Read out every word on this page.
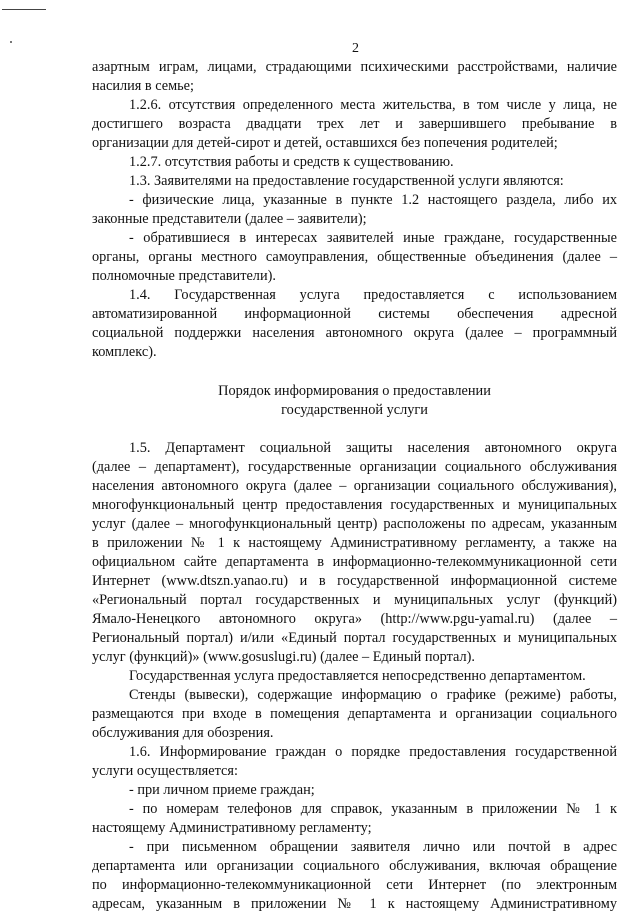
2

азартным играм, лицами, страдающими психическими расстройствами, наличие

насилия в семье;

1.2.6. отсутствия определенного места жительства, в том числе у лица, не

достигшего возраста двадцати трех лет и завершившего пребывание в

организации для детей-сирот и детей, оставшихся без попечения родителей;

1.2.7. отсутствия работы и средств к существованию.

1.3. Заявителями на предоставление государственной услуги являются:

- физические лица, указанные в пункте 1.2 настоящего раздела, либо их

законные представители (далее – заявители);

- обратившиеся в интересах заявителей иные граждане, государственные

органы, органы местного самоуправления, общественные объединения (далее –

полномочные представители).

1.4. Государственная услуга предоставляется с использованием

автоматизированной информационной системы обеспечения адресной

социальной поддержки населения автономного округа (далее – программный

комплекс).

Порядок информирования о предоставлении

государственной услуги

1.5. Департамент социальной защиты населения автономного округа

(далее – департамент), государственные организации социального обслуживания

населения автономного округа (далее – организации социального обслуживания),

многофункциональный центр предоставления государственных и муниципальных

услуг (далее – многофункциональный центр) расположены по адресам, указанным

в приложении № 1 к настоящему Административному регламенту, а также на

официальном сайте департамента в информационно-телекоммуникационной сети

Интернет (www.dtszn.yanao.ru) и в государственной информационной системе

«Региональный портал государственных и муниципальных услуг (функций)

Ямало-Ненецкого автономного округа» (http://www.pgu-yamal.ru) (далее –

Региональный портал) и/или «Единый портал государственных и муниципальных

услуг (функций)» (www.gosuslugi.ru) (далее – Единый портал).

Государственная услуга предоставляется непосредственно департаментом.

Стенды (вывески), содержащие информацию о графике (режиме) работы,

размещаются при входе в помещения департамента и организации социального

обслуживания для обозрения.

1.6. Информирование граждан о порядке предоставления государственной

услуги осуществляется:

- при личном приеме граждан;

- по номерам телефонов для справок, указанным в приложении № 1 к

настоящему Административному регламенту;

- при письменном обращении заявителя лично или почтой в адрес

департамента или организации социального обслуживания, включая обращение

по информационно-телекоммуникационной сети Интернет (по электронным

адресам, указанным в приложении № 1 к настоящему Административному
